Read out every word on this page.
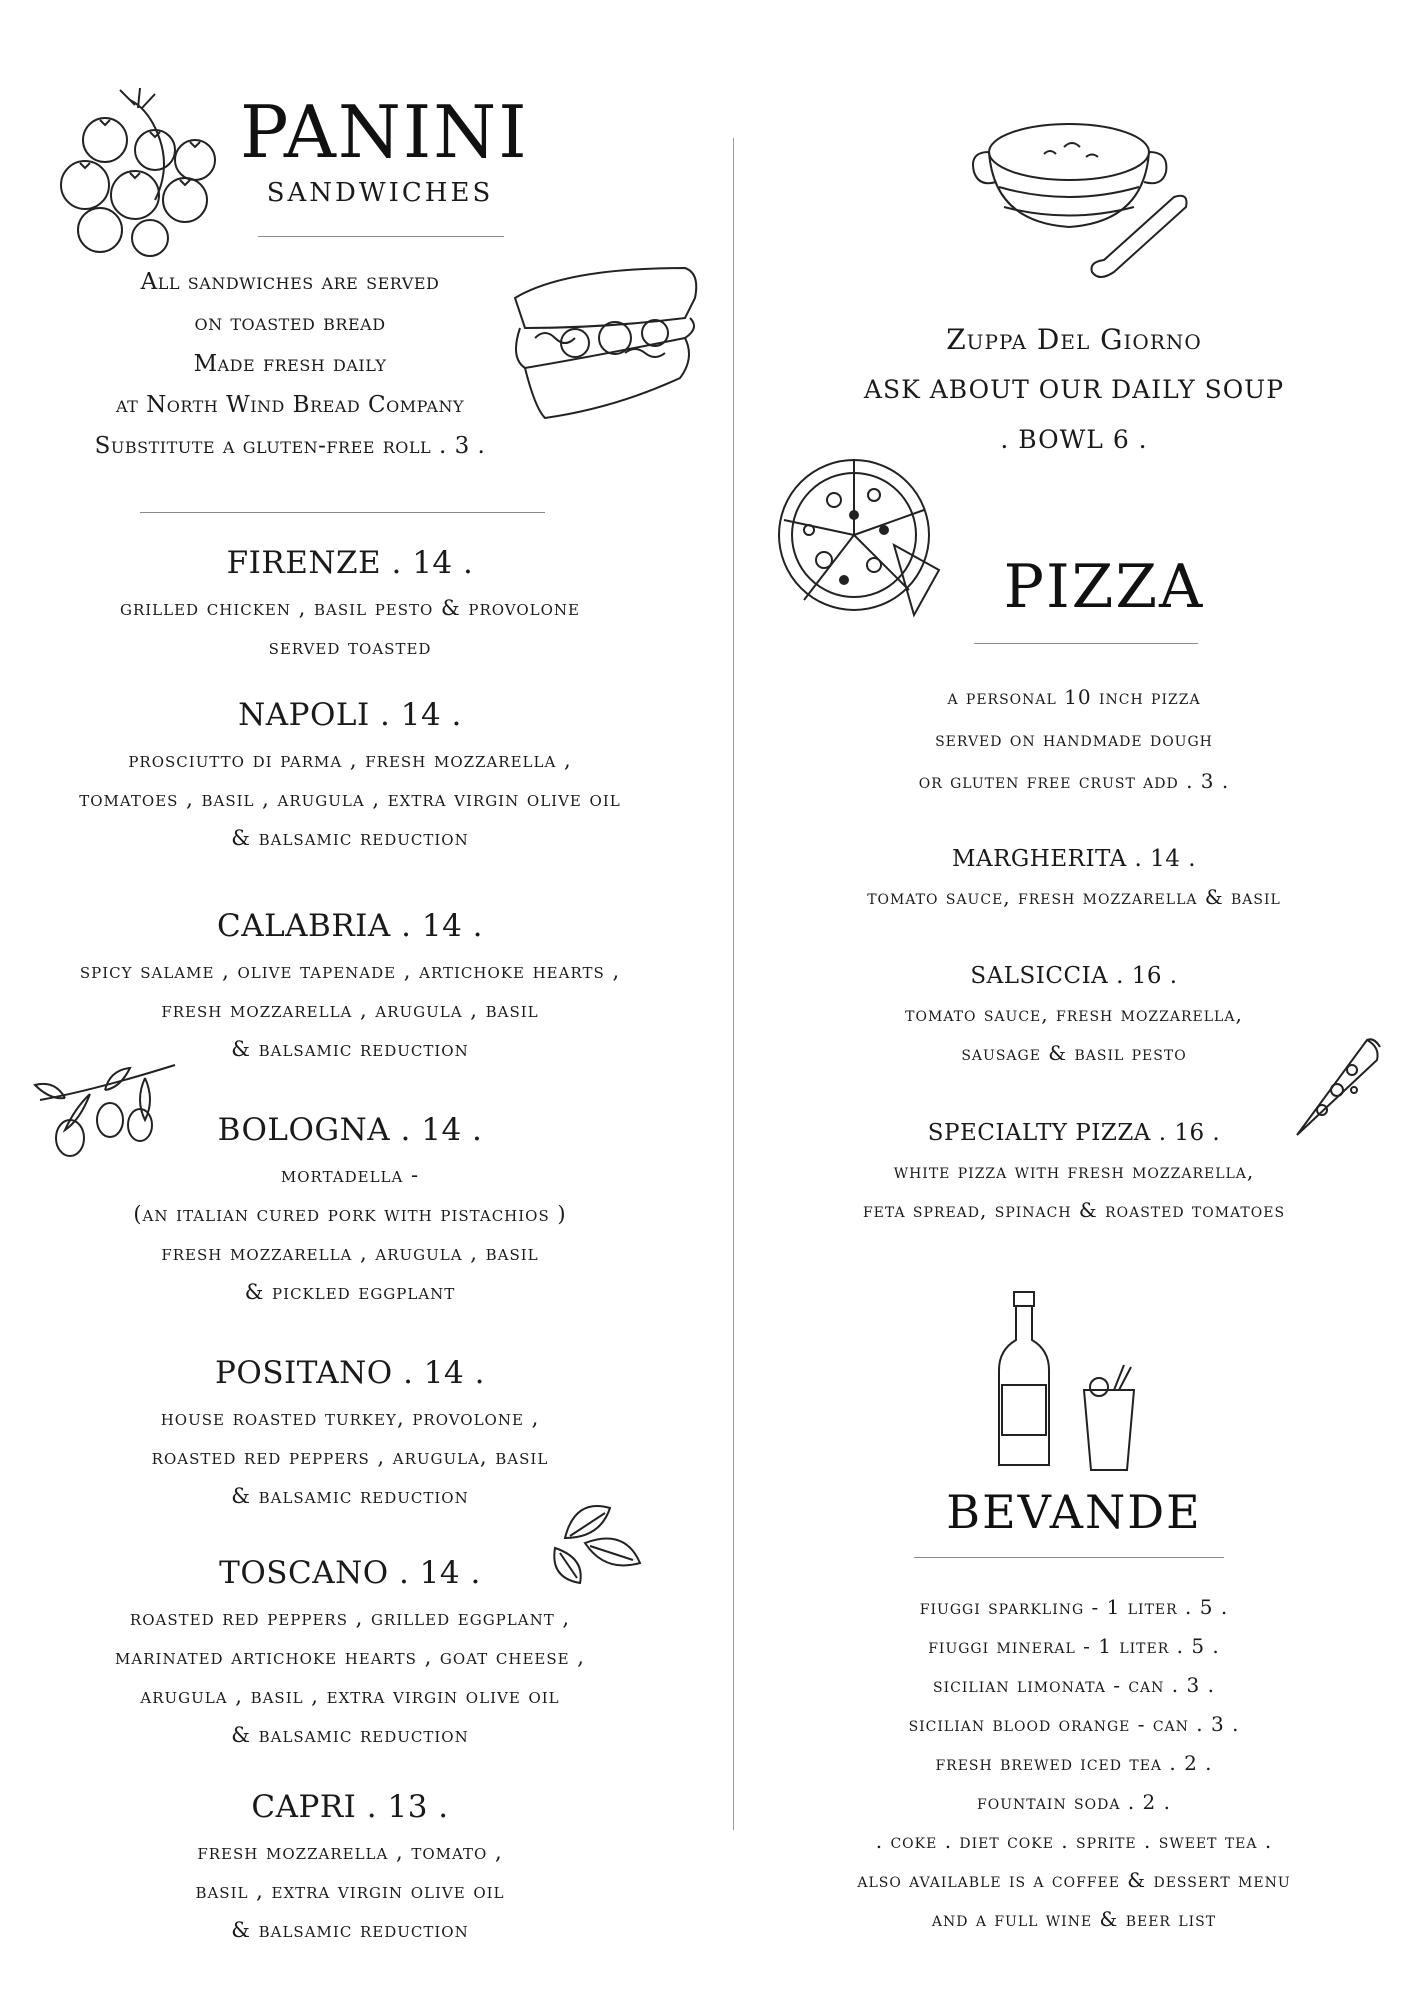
PANINI
SANDWICHES
All sandwiches are served
on toasted bread
Made fresh daily
at North Wind Bread Company
Substitute a gluten-free roll . 3 .
FIRENZE . 14 .
grilled chicken , basil pesto & provolone
served toasted
NAPOLI . 14 .
prosciutto di parma , fresh mozzarella ,
tomatoes , basil , arugula , extra virgin olive oil
& balsamic reduction
CALABRIA . 14 .
spicy salame , olive tapenade , artichoke hearts ,
fresh mozzarella , arugula , basil
& balsamic reduction
BOLOGNA . 14 .
mortadella -
(an italian cured pork with pistachios )
fresh mozzarella , arugula , basil
& pickled eggplant
POSITANO . 14 .
house roasted turkey, provolone ,
roasted red peppers , arugula, basil
& balsamic reduction
TOSCANO . 14 .
roasted red peppers , grilled eggplant ,
marinated artichoke hearts , goat cheese ,
arugula , basil , extra virgin olive oil
& balsamic reduction
CAPRI . 13 .
fresh mozzarella , tomato ,
basil , extra virgin olive oil
& balsamic reduction
Zuppa Del Giorno
ASK ABOUT OUR DAILY SOUP
. BOWL 6 .
PIZZA
a personal 10 inch pizza
served on handmade dough
or gluten free crust add . 3 .
MARGHERITA . 14 .
tomato sauce, fresh mozzarella & basil
SALSICCIA . 16 .
tomato sauce, fresh mozzarella,
sausage & basil pesto
SPECIALTY PIZZA . 16 .
white pizza with fresh mozzarella,
feta spread, spinach & roasted tomatoes
BEVANDE
fiuggi sparkling - 1 liter . 5 .
fiuggi mineral - 1 liter . 5 .
sicilian limonata - can . 3 .
sicilian blood orange - can . 3 .
fresh brewed iced tea . 2 .
fountain soda . 2 .
. coke . diet coke . sprite . sweet tea .
also available is a coffee & dessert menu
and a full wine & beer list
